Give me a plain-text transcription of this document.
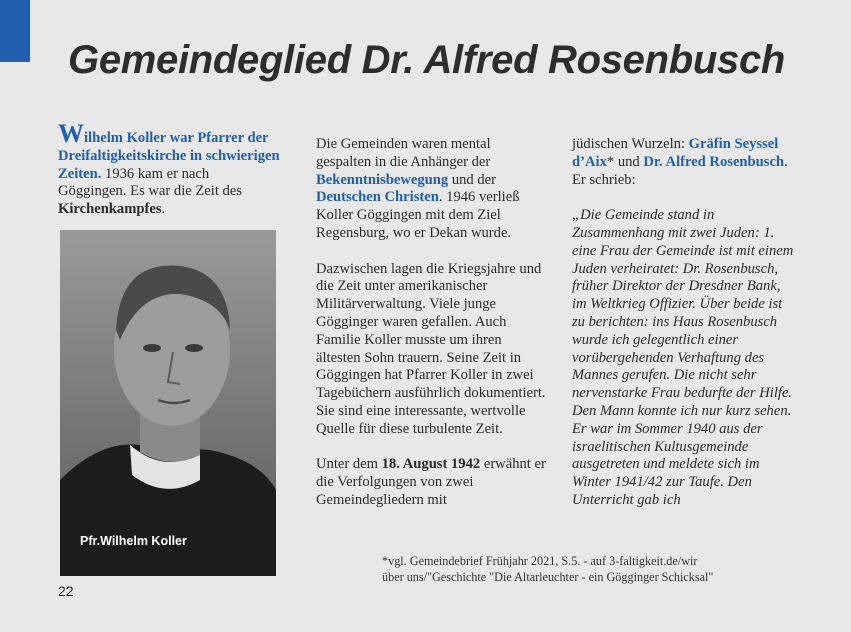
Gemeindeglied Dr. Alfred Rosenbusch

Wilhelm Koller war Pfarrer der Dreifaltigkeitskirche in schwierigen Zeiten. 1936 kam er nach Göggingen. Es war die Zeit des Kirchenkampfes.

Pfr.Wilhelm Koller

Die Gemeinden waren mental gespalten in die Anhänger der Bekenntnisbewegung und der Deutschen Christen. 1946 verließ Koller Göggingen mit dem Ziel Regensburg, wo er Dekan wurde.

Dazwischen lagen die Kriegsjahre und die Zeit unter amerikanischer Militärverwaltung. Viele junge Gögginger waren gefallen. Auch Familie Koller musste um ihren ältesten Sohn trauern. Seine Zeit in Göggingen hat Pfarrer Koller in zwei Tagebüchern ausführlich dokumentiert. Sie sind eine interessante, wertvolle Quelle für diese turbulente Zeit.

Unter dem 18. August 1942 erwähnt er die Verfolgungen von zwei Gemeindegliedern mit

jüdischen Wurzeln: Gräfin Seyssel d’Aix* und Dr. Alfred Rosenbusch. Er schrieb:

„Die Gemeinde stand in Zusammenhang mit zwei Juden: 1. eine Frau der Gemeinde ist mit einem Juden verheiratet: Dr. Rosenbusch, früher Direktor der Dresdner Bank, im Weltkrieg Offizier. Über beide ist zu berichten: ins Haus Rosenbusch wurde ich gelegentlich einer vorübergehenden Verhaftung des Mannes gerufen. Die nicht sehr nervenstarke Frau bedurfte der Hilfe. Den Mann konnte ich nur kurz sehen. Er war im Sommer 1940 aus der israelitischen Kultusgemeinde ausgetreten und meldete sich im Winter 1941/42 zur Taufe. Den Unterricht gab ich

*vgl. Gemeindebrief Frühjahr 2021, S.5. - auf 3-faltigkeit.de/wir
über uns/"Geschichte "Die Altarleuchter - ein Gögginger Schicksal"
22
